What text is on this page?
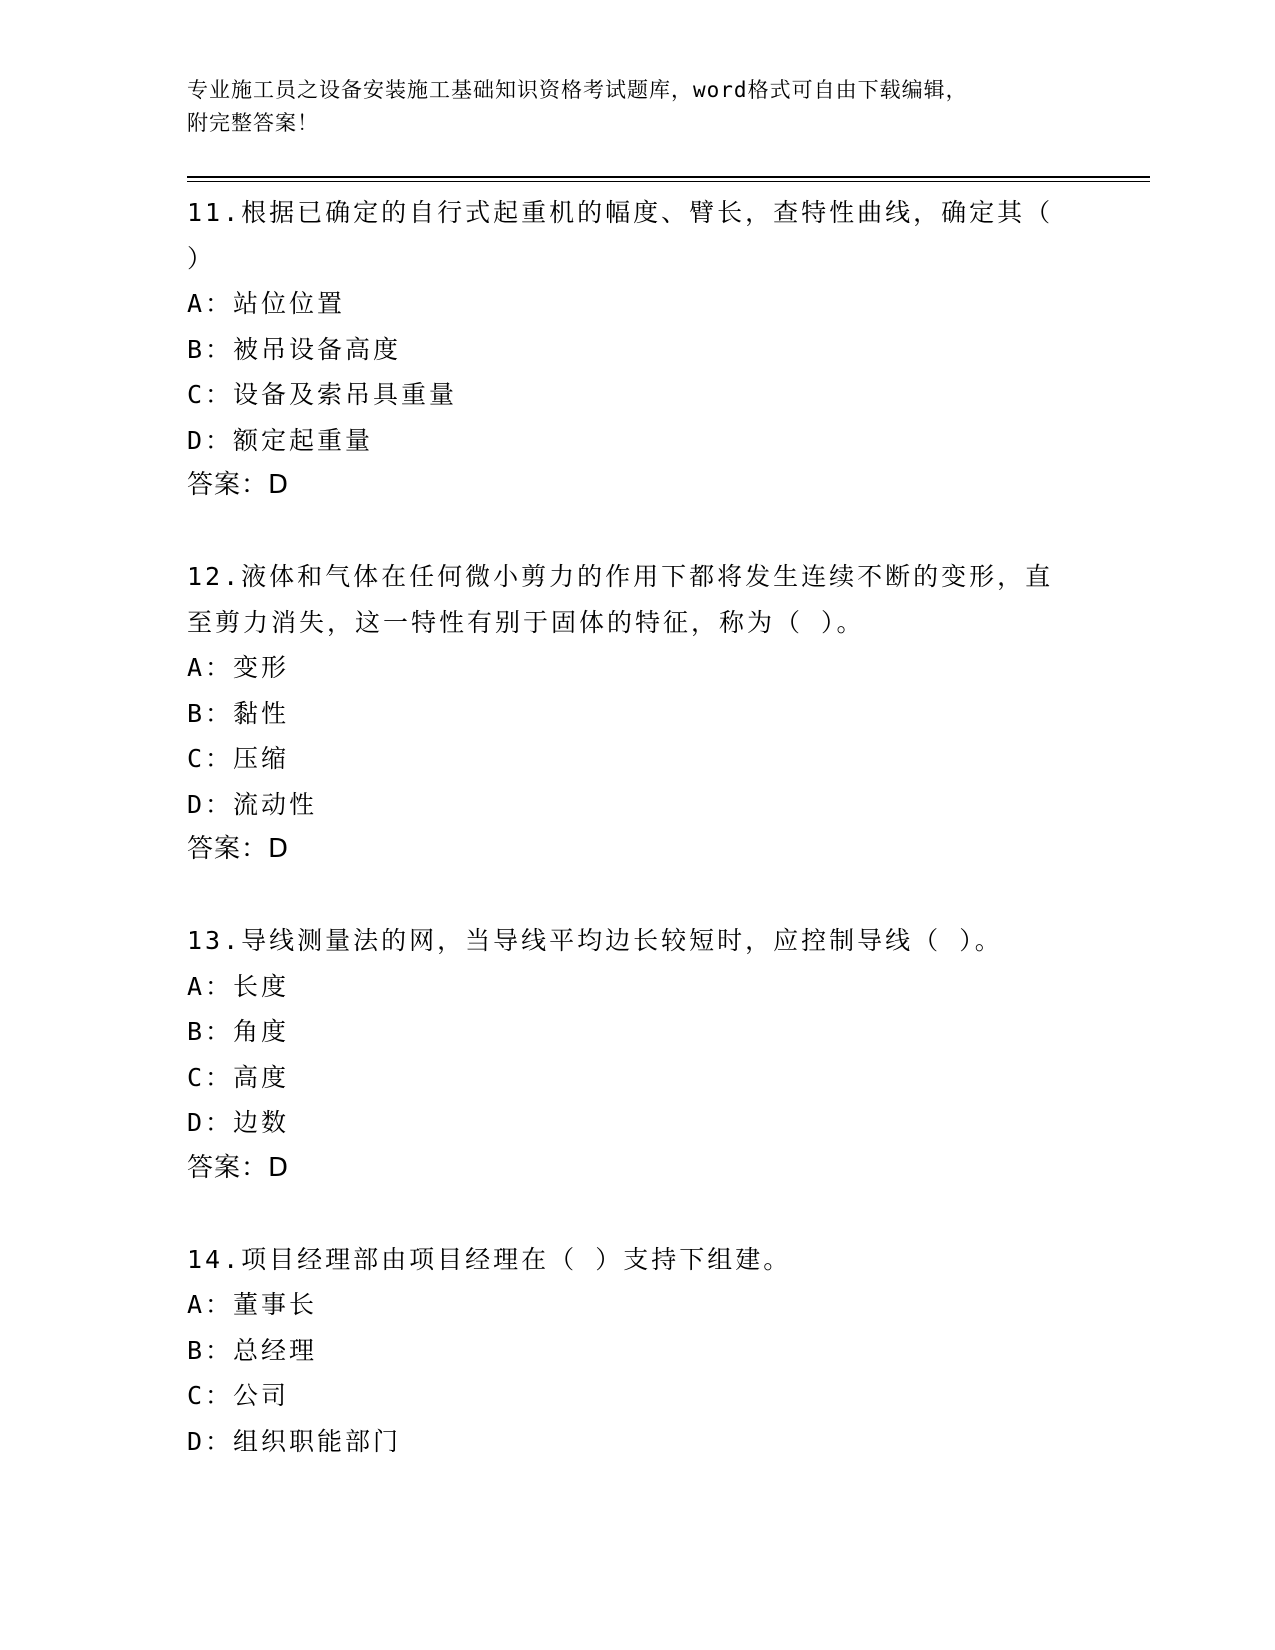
专业施工员之设备安装施工基础知识资格考试题库，word格式可自由下载编辑，
附完整答案！
11.根据已确定的自行式起重机的幅度、臂长，查特性曲线，确定其（ ）
A：站位位置
B：被吊设备高度
C：设备及索吊具重量
D：额定起重量
答案：D
12.液体和气体在任何微小剪力的作用下都将发生连续不断的变形，直至剪力消失，这一特性有别于固体的特征，称为（ ）。
A：变形
B：黏性
C：压缩
D：流动性
答案：D
13.导线测量法的网，当导线平均边长较短时，应控制导线（ ）。
A：长度
B：角度
C：高度
D：边数
答案：D
14.项目经理部由项目经理在（ ）支持下组建。
A：董事长
B：总经理
C：公司
D：组织职能部门
